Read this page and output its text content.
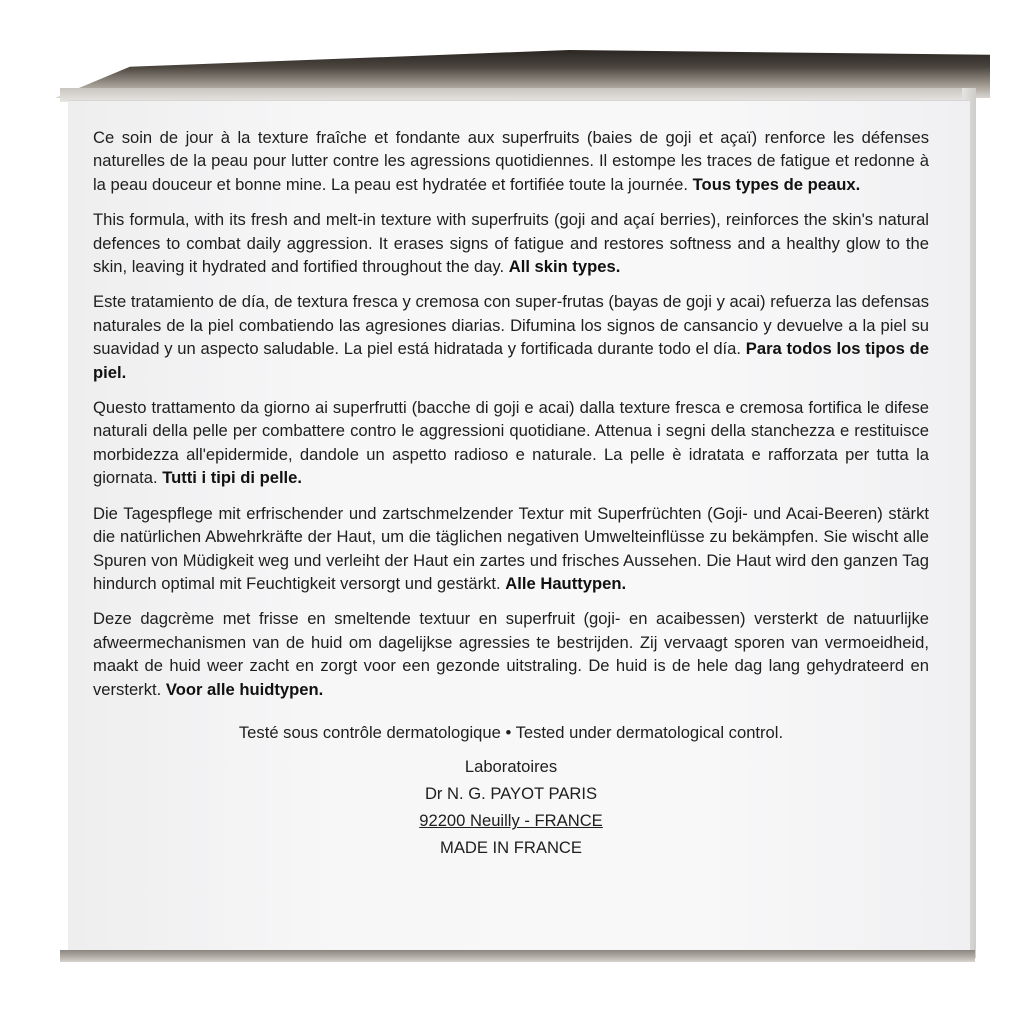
Ce soin de jour à la texture fraîche et fondante aux superfruits (baies de goji et açaï) renforce les défenses naturelles de la peau pour lutter contre les agressions quotidiennes. Il estompe les traces de fatigue et redonne à la peau douceur et bonne mine. La peau est hydratée et fortifiée toute la journée. Tous types de peaux.

This formula, with its fresh and melt-in texture with superfruits (goji and açaí berries), reinforces the skin's natural defences to combat daily aggression. It erases signs of fatigue and restores softness and a healthy glow to the skin, leaving it hydrated and fortified throughout the day. All skin types.

Este tratamiento de día, de textura fresca y cremosa con super-frutas (bayas de goji y acai) refuerza las defensas naturales de la piel combatiendo las agresiones diarias. Difumina los signos de cansancio y devuelve a la piel su suavidad y un aspecto saludable. La piel está hidratada y fortificada durante todo el día. Para todos los tipos de piel.

Questo trattamento da giorno ai superfrutti (bacche di goji e acai) dalla texture fresca e cremosa fortifica le difese naturali della pelle per combattere contro le aggressioni quotidiane. Attenua i segni della stanchezza e restituisce morbidezza all'epidermide, dandole un aspetto radioso e naturale. La pelle è idratata e rafforzata per tutta la giornata. Tutti i tipi di pelle.

Die Tagespflege mit erfrischender und zartschmelzender Textur mit Superfrüchten (Goji- und Acai-Beeren) stärkt die natürlichen Abwehrkräfte der Haut, um die täglichen negativen Umwelteinflüsse zu bekämpfen. Sie wischt alle Spuren von Müdigkeit weg und verleiht der Haut ein zartes und frisches Aussehen. Die Haut wird den ganzen Tag hindurch optimal mit Feuchtigkeit versorgt und gestärkt. Alle Hauttypen.

Deze dagcrème met frisse en smeltende textuur en superfruit (goji- en acaibessen) versterkt de natuurlijke afweermechanismen van de huid om dagelijkse agressies te bestrijden. Zij vervaagt sporen van vermoeidheid, maakt de huid weer zacht en zorgt voor een gezonde uitstraling. De huid is de hele dag lang gehydrateerd en versterkt. Voor alle huidtypen.

Testé sous contrôle dermatologique • Tested under dermatological control.

Laboratoires
Dr N. G. PAYOT PARIS
92200 Neuilly - FRANCE
MADE IN FRANCE
